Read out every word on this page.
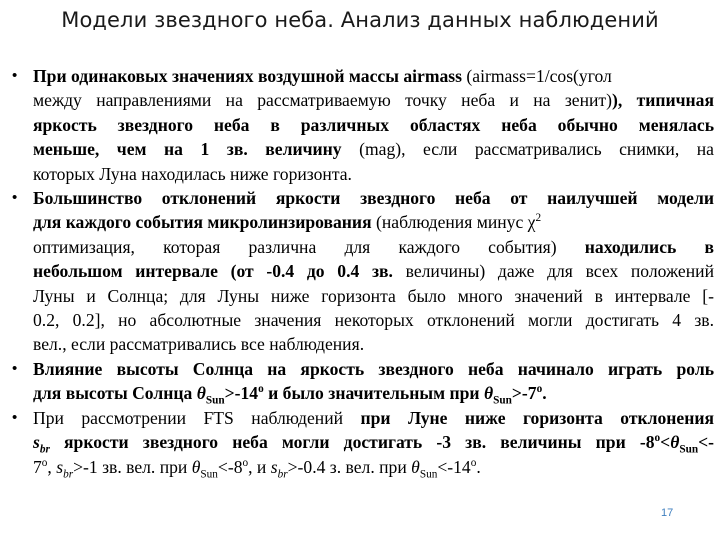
Модели звездного неба. Анализ данных наблюдений
• При одинаковых значениях воздушной массы airmass (airmass=1/cos(угол
между направлениями на рассматриваемую точку неба и на зенит)), типичная
яркость звездного неба в различных областях неба обычно менялась
меньше, чем на 1 зв. величину (mag), если рассматривались снимки, на
которых Луна находилась ниже горизонта.
• Большинство отклонений яркости звездного неба от наилучшей модели
для каждого события микролинзирования (наблюдения минус $\chi^2$
оптимизация, которая различна для каждого события) находились в
небольшом интервале (от -0.4 до 0.4 зв. величины) даже для всех положений
Луны и Солнца; для Луны ниже горизонта было много значений в интервале [-
0.2, 0.2], но абсолютные значения некоторых отклонений могли достигать 4 зв.
вел., если рассматривались все наблюдения.
• Влияние высоты Солнца на яркость звездного неба начинало играть роль
для высоты Солнца $\theta_{Sun}>-14^o$ и было значительным при $\theta_{Sun}>-7^o$.
• При рассмотрении FTS наблюдений при Луне ниже горизонта отклонения
$s_{br}$ яркости звездного неба могли достигать -3 зв. величины при $-8^o<\theta_{Sun}<-$
7$^o$, $s_{br}>-1$ зв. вел. при $\theta_{Sun}<-8^o$, и $s_{br}>-0.4$ з. вел. при $\theta_{Sun}<-14^o$.
17
